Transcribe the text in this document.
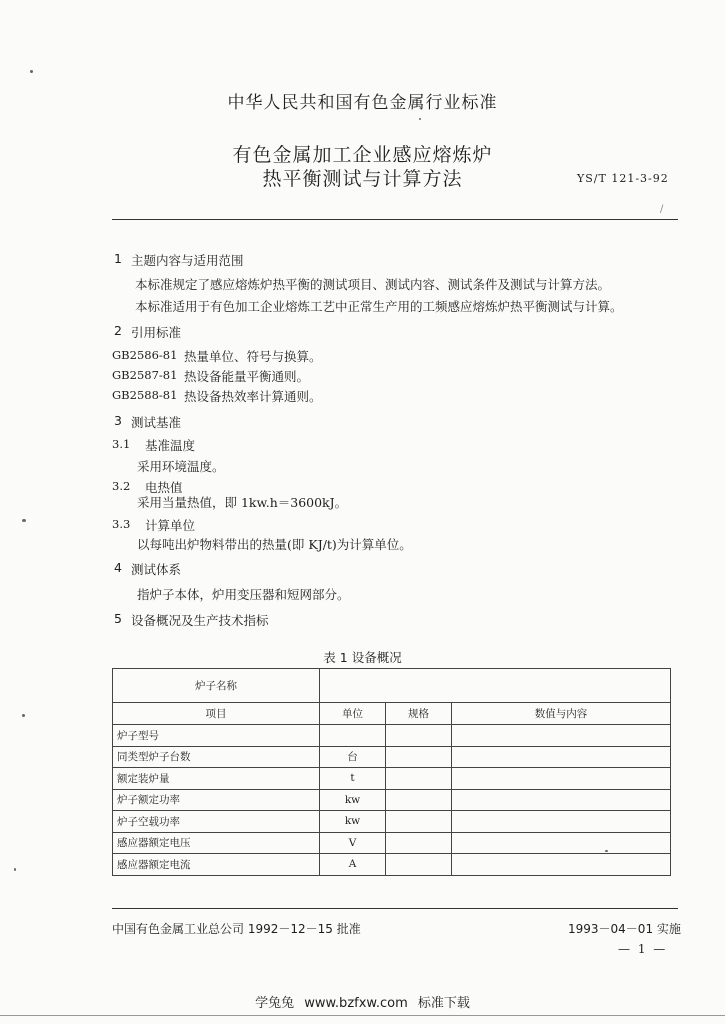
中华人民共和国有色金属行业标准
有色金属加工企业感应熔炼炉
热平衡测试与计算方法	YS/T 121-3-92
/
1 主题内容与适用范围
本标准规定了感应熔炼炉热平衡的测试项目、测试内容、测试条件及测试与计算方法。
本标准适用于有色加工企业熔炼工艺中正常生产用的工频感应熔炼炉热平衡测试与计算。
2 引用标准
GB2586-81 热量单位、符号与换算。
GB2587-81 热设备能量平衡通则。
GB2588-81 热设备热效率计算通则。
3 测试基准
3.1 基准温度
采用环境温度。
3.2 电热值
采用当量热值，即 1kw.h＝3600kJ。
3.3 计算单位
以每吨出炉物料带出的热量(即 KJ/t)为计算单位。
4 测试体系
指炉子本体，炉用变压器和短网部分。
5 设备概况及生产技术指标
表 1 设备概况
炉子名称			
项目	单位	规格	数值与内容
炉子型号			
同类型炉子台数	台		
额定装炉量	t		
炉子额定功率	kw		
炉子空载功率	kw		
感应器额定电压	V		
感应器额定电流	A		
中国有色金属工业总公司 1992－12－15 批准	1993－04－01 实施
— 1 —
学兔兔 www.bzfxw.com 标准下载
